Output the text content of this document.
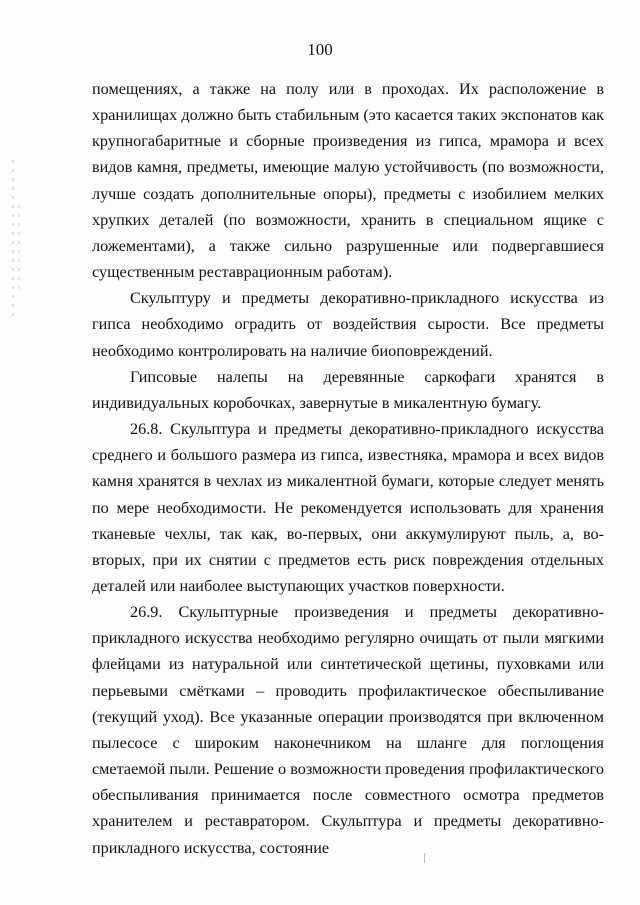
100

помещениях, а также на полу или в проходах. Их расположение в хранилищах должно быть стабильным (это касается таких экспонатов как крупногабаритные и сборные произведения из гипса, мрамора и всех видов камня, предметы, имеющие малую устойчивость (по возможности, лучше создать дополнительные опоры), предметы с изобилием мелких хрупких деталей (по возможности, хранить в специальном ящике с ложементами), а также сильно разрушенные или подвергавшиеся существенным реставрационным работам).

Скульптуру и предметы декоративно-прикладного искусства из гипса необходимо оградить от воздействия сырости. Все предметы необходимо контролировать на наличие биоповреждений.

Гипсовые налепы на деревянные саркофаги хранятся в индивидуальных коробочках, завернутые в микалентную бумагу.

26.8. Скульптура и предметы декоративно-прикладного искусства среднего и большого размера из гипса, известняка, мрамора и всех видов камня хранятся в чехлах из микалентной бумаги, которые следует менять по мере необходимости. Не рекомендуется использовать для хранения тканевые чехлы, так как, во-первых, они аккумулируют пыль, а, во-вторых, при их снятии с предметов есть риск повреждения отдельных деталей или наиболее выступающих участков поверхности.

26.9. Скульптурные произведения и предметы декоративно-прикладного искусства необходимо регулярно очищать от пыли мягкими флейцами из натуральной или синтетической щетины, пуховками или перьевыми смётками – проводить профилактическое обеспыливание (текущий уход). Все указанные операции производятся при включенном пылесосе с широким наконечником на шланге для поглощения сметаемой пыли. Решение о возможности проведения профилактического обеспыливания принимается после совместного осмотра предметов хранителем и реставратором. Скульптура и предметы декоративно-прикладного искусства, состояние
